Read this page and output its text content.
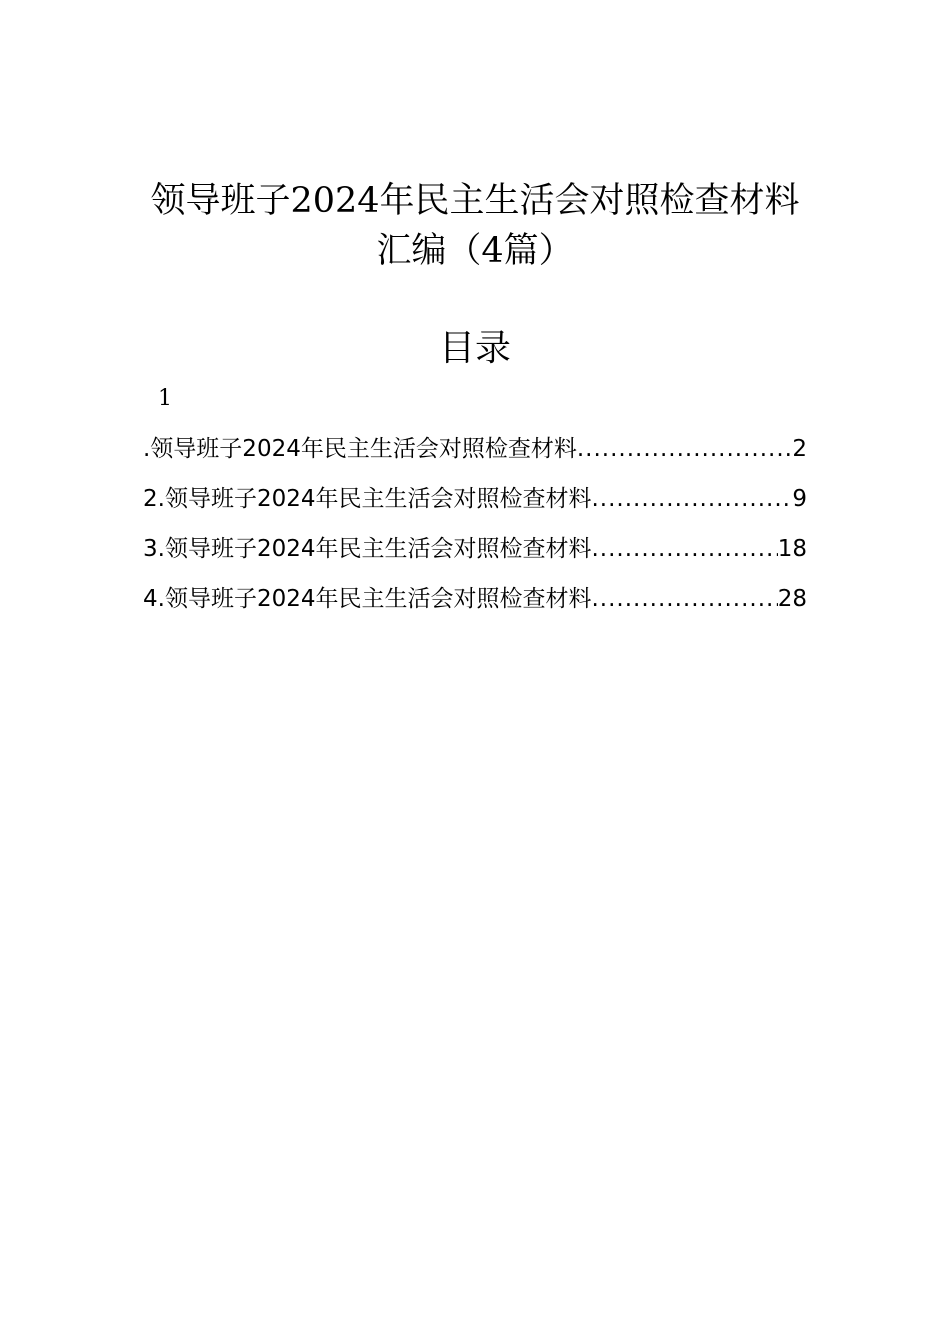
领导班子2024年民主生活会对照检查材料
汇编（4篇）
目录
1
.领导班子2024年民主生活会对照检查材料 .....	2
2.领导班子2024年民主生活会对照检查材料 .....	9
3.领导班子2024年民主生活会对照检查材料 .....	18
4.领导班子2024年民主生活会对照检查材料 .....	28
